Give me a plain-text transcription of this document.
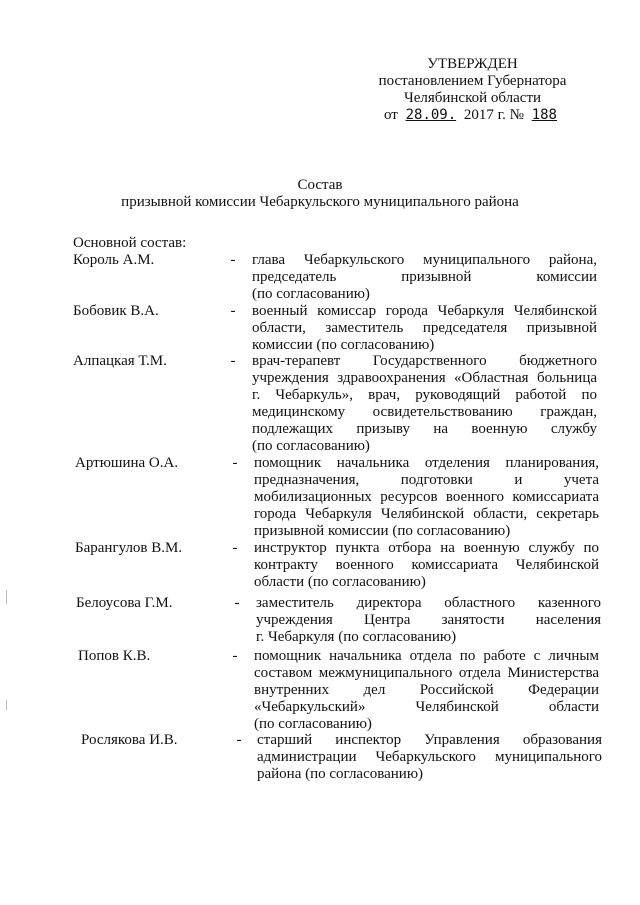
УТВЕРЖДЕН
постановлением Губернатора
Челябинской области
от 28.09. 2017 г. № 188
Состав
призывной комиссии Чебаркульского муниципального района
Основной состав:
Король А.М.	- глава Чебаркульского муниципального района,
председатель призывной комиссии
(по согласованию)
Бобовик В.А.	- военный комиссар города Чебаркуля Челябинской
области, заместитель председателя призывной
комиссии (по согласованию)
Алпацкая Т.М.	- врач-терапевт Государственного бюджетного
учреждения здравоохранения «Областная больница
г. Чебаркуль», врач, руководящий работой по
медицинскому освидетельствованию граждан,
подлежащих призыву на военную службу
(по согласованию)
Артюшина О.А.	- помощник начальника отделения планирования,
предназначения, подготовки и учета
мобилизационных ресурсов военного комиссариата
города Чебаркуля Челябинской области, секретарь
призывной комиссии (по согласованию)
Барангулов В.М.	- инструктор пункта отбора на военную службу по
контракту военного комиссариата Челябинской
области (по согласованию)
Белоусова Г.М.	- заместитель директора областного казенного
учреждения Центра занятости населения
г. Чебаркуля (по согласованию)
Попов К.В.	- помощник начальника отдела по работе с личным
составом межмуниципального отдела Министерства
внутренних дел Российской Федерации
«Чебаркульский» Челябинской области
(по согласованию)
Рослякова И.В.	- старший инспектор Управления образования
администрации Чебаркульского муниципального
района (по согласованию)
